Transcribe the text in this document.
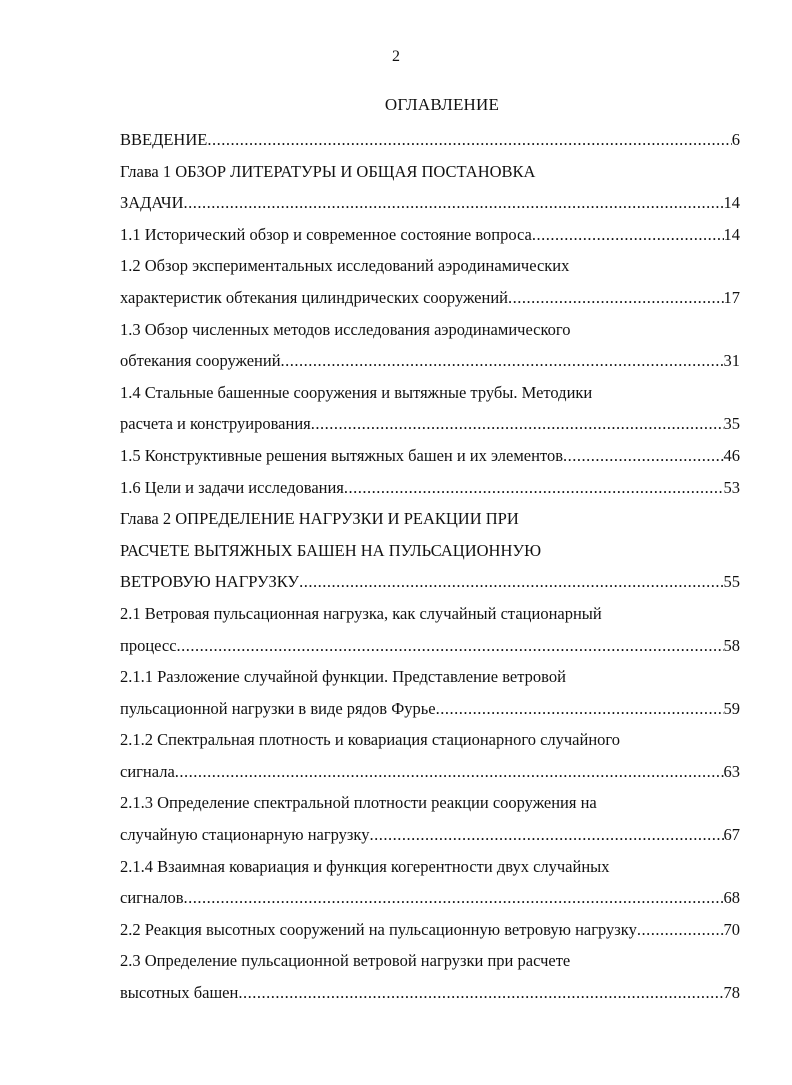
2
ОГЛАВЛЕНИЕ
ВВЕДЕНИЕ .....	6
Глава 1 ОБЗОР ЛИТЕРАТУРЫ И ОБЩАЯ ПОСТАНОВКА
ЗАДАЧИ .....	14
1.1 Исторический обзор и современное состояние вопроса .....	14
1.2 Обзор экспериментальных исследований аэродинамических
характеристик обтекания цилиндрических сооружений .....	17
1.3 Обзор численных методов исследования аэродинамического
обтекания сооружений .....	31
1.4 Стальные башенные сооружения и вытяжные трубы. Методики
расчета и конструирования .....	35
1.5 Конструктивные решения вытяжных башен и их элементов .....	46
1.6 Цели и задачи исследования .....	53
Глава 2 ОПРЕДЕЛЕНИЕ НАГРУЗКИ И РЕАКЦИИ ПРИ
РАСЧЕТЕ ВЫТЯЖНЫХ БАШЕН НА ПУЛЬСАЦИОННУЮ
ВЕТРОВУЮ НАГРУЗКУ .....	55
2.1 Ветровая пульсационная нагрузка, как случайный стационарный
процесс .....	58
2.1.1 Разложение случайной функции. Представление ветровой
пульсационной нагрузки в виде рядов Фурье .....	59
2.1.2 Спектральная плотность и ковариация стационарного случайного
сигнала .....	63
2.1.3 Определение спектральной плотности реакции сооружения на
случайную стационарную нагрузку .....	67
2.1.4 Взаимная ковариация и функция когерентности двух случайных
сигналов .....	68
2.2 Реакция высотных сооружений на пульсационную ветровую нагрузку .....	70
2.3 Определение пульсационной ветровой нагрузки при расчете
высотных башен .....	78
